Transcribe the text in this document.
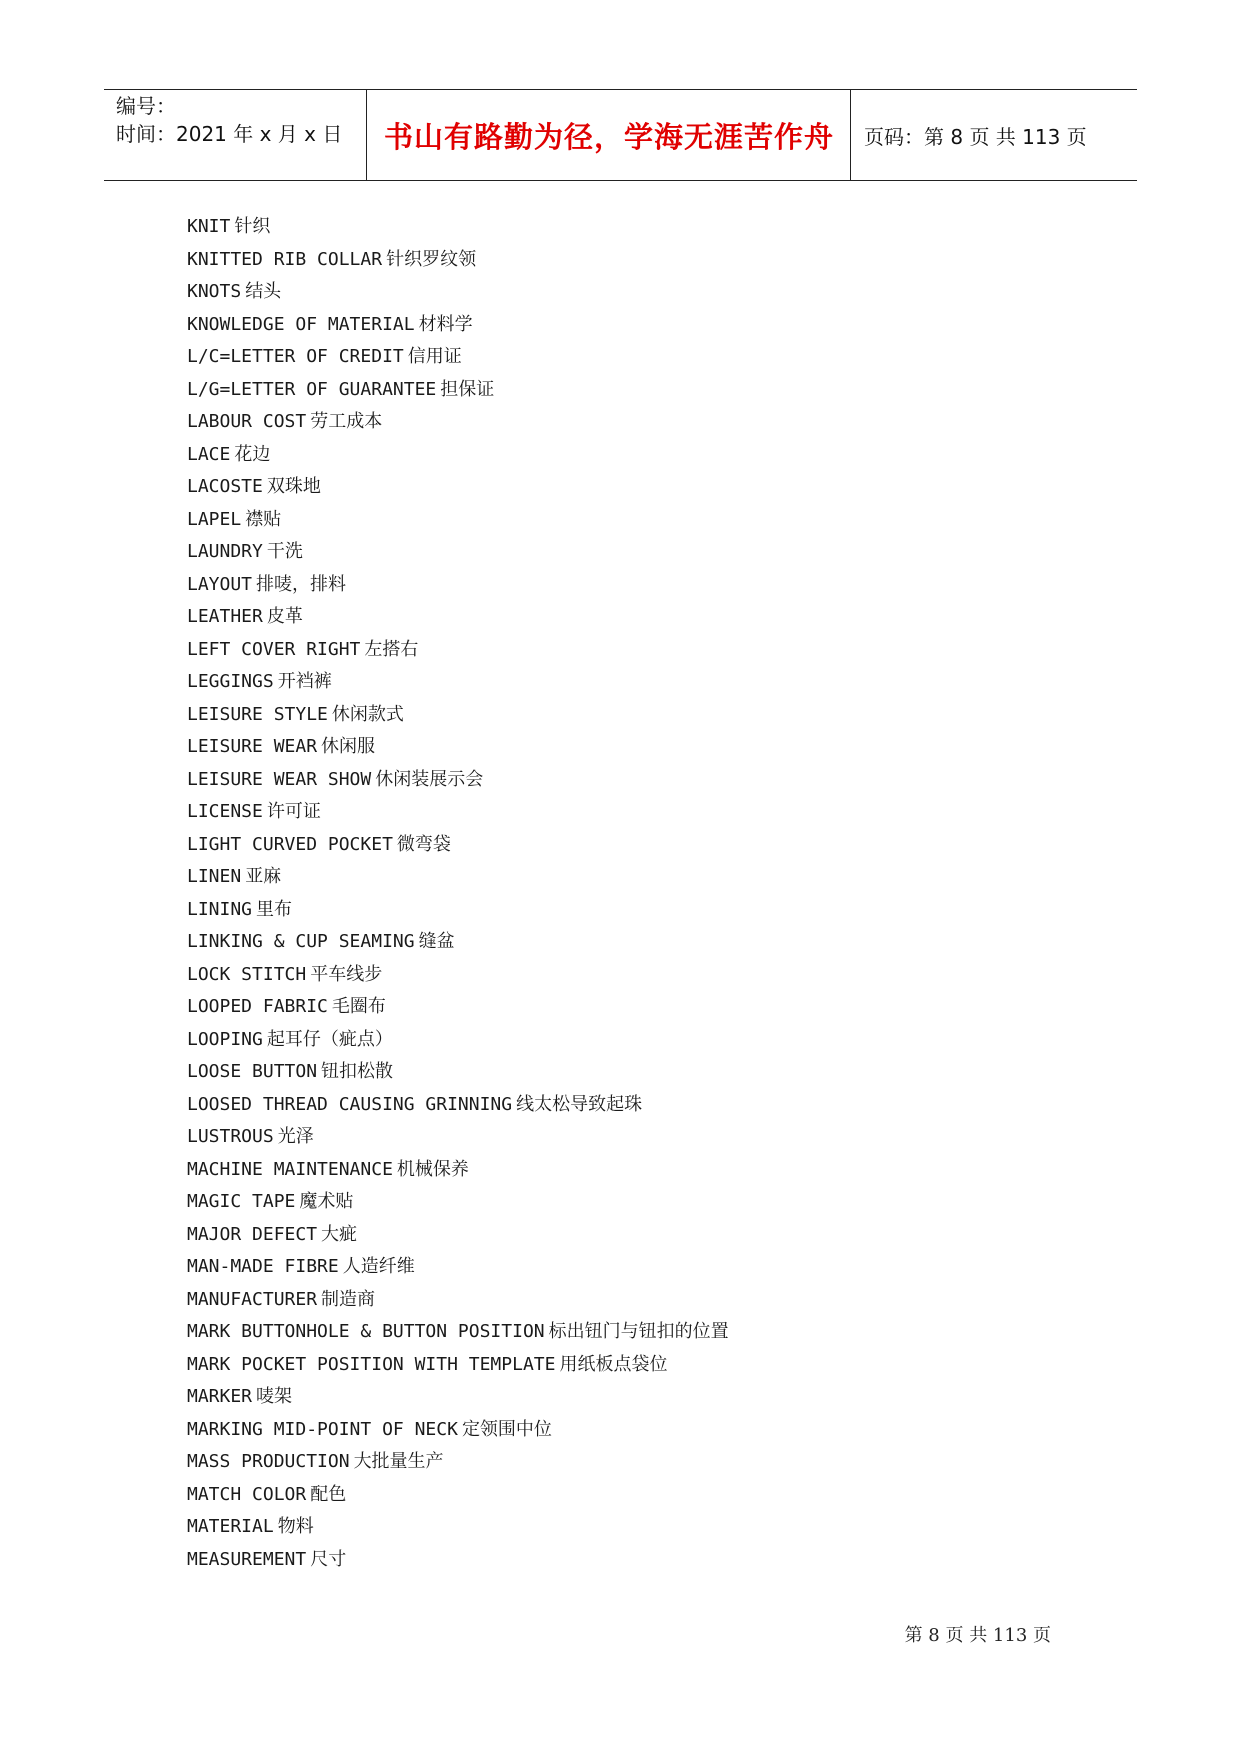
编号：
时间：2021 年 x 月 x 日	书山有路勤为径，学海无涯苦作舟	页码：第 8 页 共 113 页
KNIT 针织
KNITTED RIB COLLAR 针织罗纹领
KNOTS 结头
KNOWLEDGE OF MATERIAL 材料学
L/C=LETTER OF CREDIT 信用证
L/G=LETTER OF GUARANTEE 担保证
LABOUR COST 劳工成本
LACE 花边
LACOSTE 双珠地
LAPEL 襟贴
LAUNDRY 干洗
LAYOUT 排唛，排料
LEATHER 皮革
LEFT COVER RIGHT 左搭右
LEGGINGS 开裆裤
LEISURE STYLE 休闲款式
LEISURE WEAR 休闲服
LEISURE WEAR SHOW 休闲装展示会
LICENSE 许可证
LIGHT CURVED POCKET 微弯袋
LINEN 亚麻
LINING 里布
LINKING & CUP SEAMING 缝盆
LOCK STITCH 平车线步
LOOPED FABRIC 毛圈布
LOOPING 起耳仔（疵点）
LOOSE BUTTON 钮扣松散
LOOSED THREAD CAUSING GRINNING 线太松导致起珠
LUSTROUS 光泽
MACHINE MAINTENANCE 机械保养
MAGIC TAPE 魔术贴
MAJOR DEFECT 大疵
MAN-MADE FIBRE 人造纤维
MANUFACTURER 制造商
MARK BUTTONHOLE & BUTTON POSITION 标出钮门与钮扣的位置
MARK POCKET POSITION WITH TEMPLATE 用纸板点袋位
MARKER 唛架
MARKING MID-POINT OF NECK 定领围中位
MASS PRODUCTION 大批量生产
MATCH COLOR 配色
MATERIAL 物料
MEASUREMENT 尺寸
第 8 页 共 113 页
